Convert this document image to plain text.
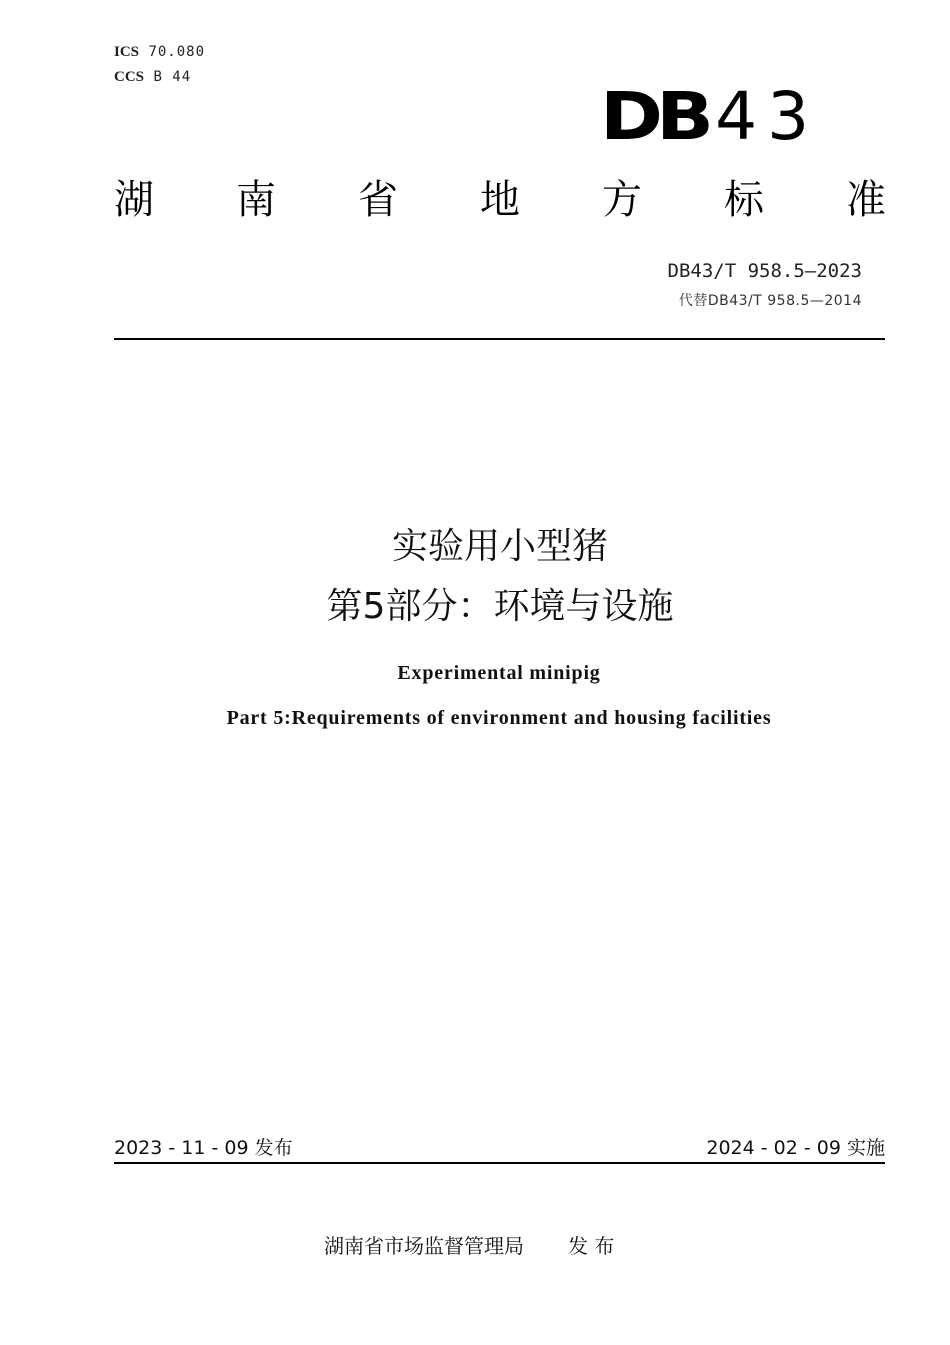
ICS 70.080
CCS B 44
DB 43
湖 南 省 地 方 标 准
DB43/T 958.5—2023
代替DB43/T 958.5—2014
实验用小型猪
第5部分：环境与设施
Experimental minipig
Part 5:Requirements of environment and housing facilities
2023 - 11 - 09 发布	2024 - 02 - 09 实施
湖南省市场监督管理局 发 布
